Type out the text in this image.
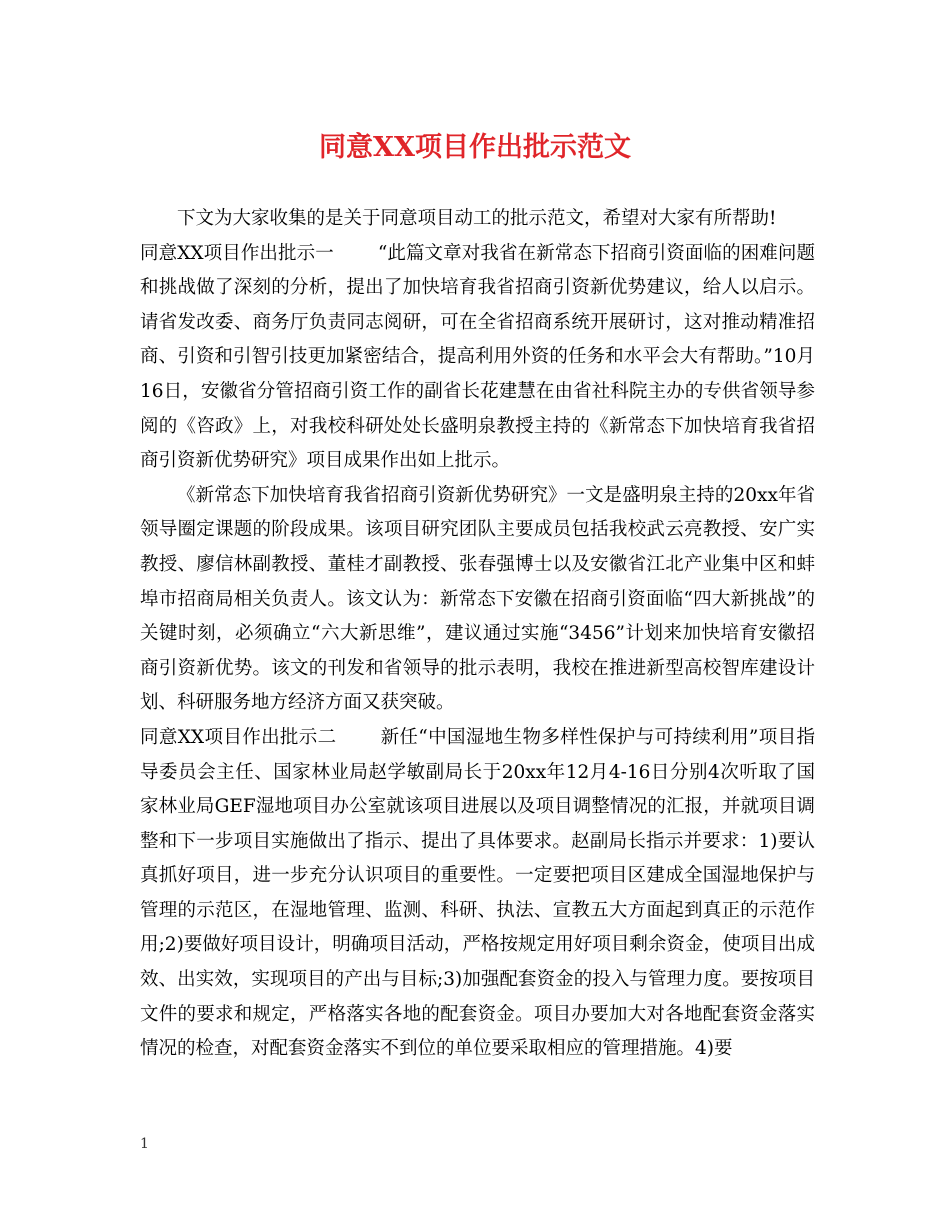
同意XX项目作出批示范文

下文为大家收集的是关于同意项目动工的批示范文，希望对大家有所帮助!

同意XX项目作出批示一 “此篇文章对我省在新常态下招商引资面临的困难问题和挑战做了深刻的分析，提出了加快培育我省招商引资新优势建议，给人以启示。请省发改委、商务厅负责同志阅研，可在全省招商系统开展研讨，这对推动精准招商、引资和引智引技更加紧密结合，提高利用外资的任务和水平会大有帮助。”10月16日，安徽省分管招商引资工作的副省长花建慧在由省社科院主办的专供省领导参阅的《咨政》上，对我校科研处处长盛明泉教授主持的《新常态下加快培育我省招商引资新优势研究》项目成果作出如上批示。

《新常态下加快培育我省招商引资新优势研究》一文是盛明泉主持的20xx年省领导圈定课题的阶段成果。该项目研究团队主要成员包括我校武云亮教授、安广实教授、廖信林副教授、董桂才副教授、张春强博士以及安徽省江北产业集中区和蚌埠市招商局相关负责人。该文认为：新常态下安徽在招商引资面临“四大新挑战”的关键时刻，必须确立“六大新思维”，建议通过实施“3456”计划来加快培育安徽招商引资新优势。该文的刊发和省领导的批示表明，我校在推进新型高校智库建设计划、科研服务地方经济方面又获突破。

同意XX项目作出批示二 新任“中国湿地生物多样性保护与可持续利用”项目指导委员会主任、国家林业局赵学敏副局长于20xx年12月4-16日分别4次听取了国家林业局GEF湿地项目办公室就该项目进展以及项目调整情况的汇报，并就项目调整和下一步项目实施做出了指示、提出了具体要求。赵副局长指示并要求：1)要认真抓好项目，进一步充分认识项目的重要性。一定要把项目区建成全国湿地保护与管理的示范区，在湿地管理、监测、科研、执法、宣教五大方面起到真正的示范作用;2)要做好项目设计，明确项目活动，严格按规定用好项目剩余资金，使项目出成效、出实效，实现项目的产出与目标;3)加强配套资金的投入与管理力度。要按项目文件的要求和规定，严格落实各地的配套资金。项目办要加大对各地配套资金落实情况的检查，对配套资金落实不到位的单位要采取相应的管理措施。4)要

1
